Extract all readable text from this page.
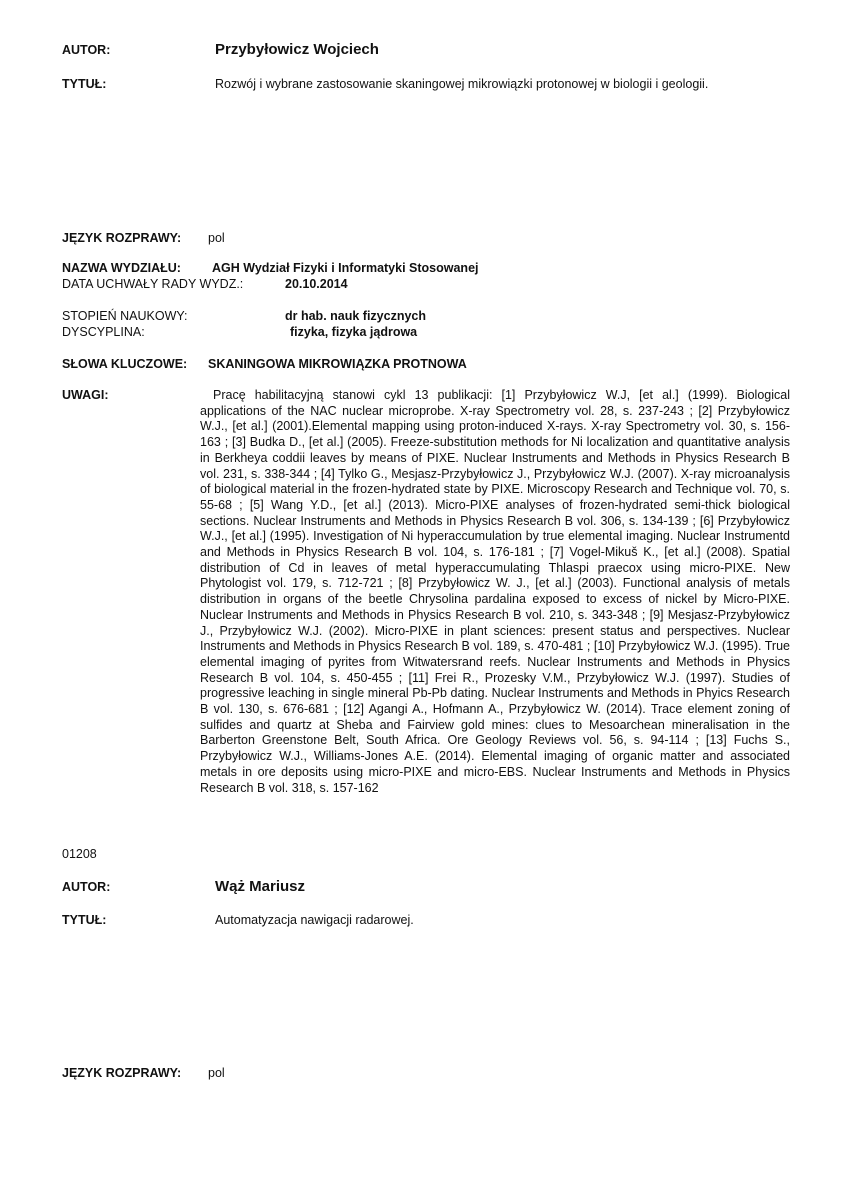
AUTOR:	Przybyłowicz Wojciech
TYTUŁ:	Rozwój i wybrane zastosowanie skaningowej mikrowiązki protonowej w biologii i geologii.
JĘZYK ROZPRAWY: pol
NAZWA WYDZIAŁU: AGH Wydział Fizyki i Informatyki Stosowanej
DATA UCHWAŁY RADY WYDZ.:	20.10.2014
STOPIEŃ NAUKOWY:	dr hab. nauk fizycznych
DYSCYPLINA:	fizyka, fizyka jądrowa
SŁOWA KLUCZOWE: SKANINGOWA MIKROWIĄZKA PROTNOWA
UWAGI:	Pracę habilitacyjną stanowi cykl 13 publikacji: [1] Przybyłowicz W.J, [et al.] (1999). Biological applications of the NAC nuclear microprobe. X-ray Spectrometry vol. 28, s. 237-243 ; [2] Przybyłowicz W.J., [et al.] (2001).Elemental mapping using proton-induced X-rays. X-ray Spectrometry vol. 30, s. 156-163 ; [3] Budka D., [et al.] (2005). Freeze-substitution methods for Ni localization and quantitative analysis in Berkheya coddii leaves by means of PIXE. Nuclear Instruments and Methods in Physics Research B vol. 231, s. 338-344 ; [4] Tylko G., Mesjasz-Przybyłowicz J., Przybyłowicz W.J. (2007). X-ray microanalysis of biological material in the frozen-hydrated state by PIXE. Microscopy Research and Technique vol. 70, s. 55-68 ; [5] Wang Y.D., [et al.] (2013). Micro-PIXE analyses of frozen-hydrated semi-thick biological sections. Nuclear Instruments and Methods in Physics Research B vol. 306, s. 134-139 ; [6] Przybyłowicz W.J., [et al.] (1995). Investigation of Ni hyperaccumulation by true elemental imaging. Nuclear Instrumentd and Methods in Physics Research B vol. 104, s. 176-181 ; [7] Vogel-Mikuš K., [et al.] (2008). Spatial distribution of Cd in leaves of metal hyperaccumulating Thlaspi praecox using micro-PIXE. New Phytologist vol. 179, s. 712-721 ; [8] Przybyłowicz W. J., [et al.] (2003). Functional analysis of metals distribution in organs of the beetle Chrysolina pardalina exposed to excess of nickel by Micro-PIXE. Nuclear Instruments and Methods in Physics Research B vol. 210, s. 343-348 ; [9] Mesjasz-Przybyłowicz J., Przybyłowicz W.J. (2002). Micro-PIXE in plant sciences: present status and perspectives. Nuclear Instruments and Methods in Physics Research B vol. 189, s. 470-481 ; [10] Przybyłowicz W.J. (1995). True elemental imaging of pyrites from Witwatersrand reefs. Nuclear Instruments and Methods in Physics Research B vol. 104, s. 450-455 ; [11] Frei R., Prozesky V.M., Przybyłowicz W.J. (1997). Studies of progressive leaching in single mineral Pb-Pb dating. Nuclear Instruments and Methods in Phyics Research B vol. 130, s. 676-681 ; [12] Agangi A., Hofmann A., Przybyłowicz W. (2014). Trace element zoning of sulfides and quartz at Sheba and Fairview gold mines: clues to Mesoarchean mineralisation in the Barberton Greenstone Belt, South Africa. Ore Geology Reviews vol. 56, s. 94-114 ; [13] Fuchs S., Przybyłowicz W.J., Williams-Jones A.E. (2014). Elemental imaging of organic matter and associated metals in ore deposits using micro-PIXE and micro-EBS. Nuclear Instruments and Methods in Physics Research B vol. 318, s. 157-162
01208
AUTOR:	Wąż Mariusz
TYTUŁ:	Automatyzacja nawigacji radarowej.
JĘZYK ROZPRAWY: pol
